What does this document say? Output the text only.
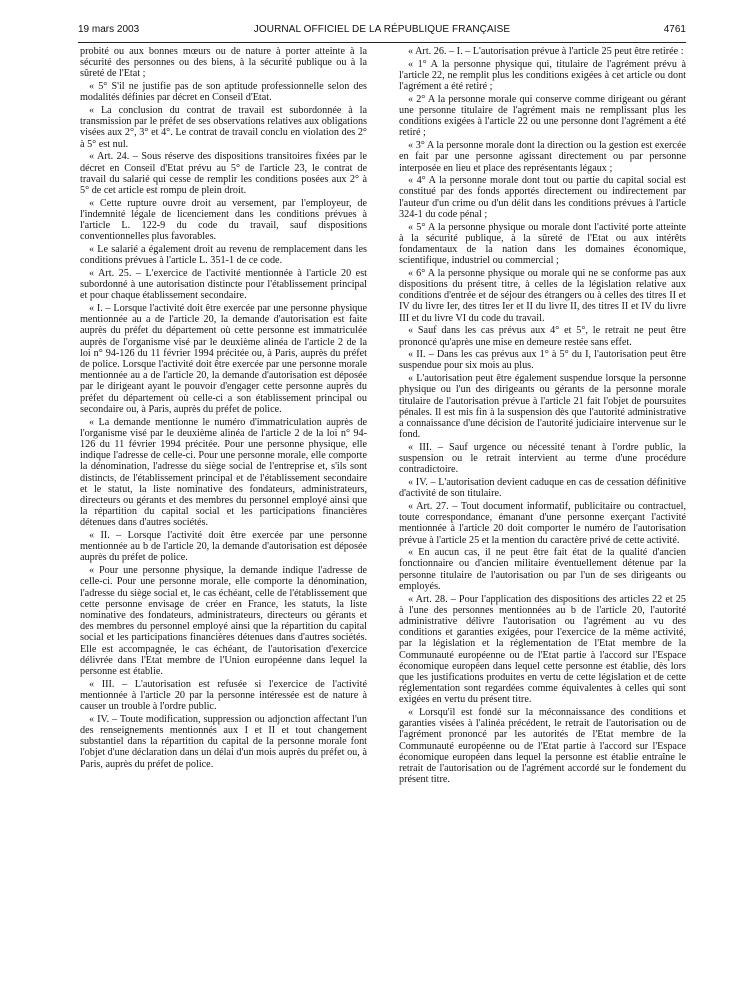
19 mars 2003	JOURNAL OFFICIEL DE LA RÉPUBLIQUE FRANÇAISE	4761

probité ou aux bonnes mœurs ou de nature à porter atteinte à la sécurité des personnes ou des biens, à la sécurité publique ou à la sûreté de l'Etat ;

« 5° S'il ne justifie pas de son aptitude professionnelle selon des modalités définies par décret en Conseil d'Etat.

« La conclusion du contrat de travail est subordonnée à la transmission par le préfet de ses observations relatives aux obligations visées aux 2°, 3° et 4°. Le contrat de travail conclu en violation des 2° à 5° est nul.

« Art. 24. – Sous réserve des dispositions transitoires fixées par le décret en Conseil d'Etat prévu au 5° de l'article 23, le contrat de travail du salarié qui cesse de remplir les conditions posées aux 2° à 5° de cet article est rompu de plein droit.

« Cette rupture ouvre droit au versement, par l'employeur, de l'indemnité légale de licenciement dans les conditions prévues à l'article L. 122-9 du code du travail, sauf dispositions conventionnelles plus favorables.

« Le salarié a également droit au revenu de remplacement dans les conditions prévues à l'article L. 351-1 de ce code.

« Art. 25. – L'exercice de l'activité mentionnée à l'article 20 est subordonné à une autorisation distincte pour l'établissement principal et pour chaque établissement secondaire.

« I. – Lorsque l'activité doit être exercée par une personne physique mentionnée au a de l'article 20, la demande d'autorisation est faite auprès du préfet du département où cette personne est immatriculée auprès de l'organisme visé par le deuxième alinéa de l'article 2 de la loi n° 94-126 du 11 février 1994 précitée ou, à Paris, auprès du préfet de police. Lorsque l'activité doit être exercée par une personne morale mentionnée au a de l'article 20, la demande d'autorisation est déposée par le dirigeant ayant le pouvoir d'engager cette personne auprès du préfet du département où celle-ci a son établissement principal ou secondaire ou, à Paris, auprès du préfet de police.

« La demande mentionne le numéro d'immatriculation auprès de l'organisme visé par le deuxième alinéa de l'article 2 de la loi n° 94-126 du 11 février 1994 précitée. Pour une personne physique, elle indique l'adresse de celle-ci. Pour une personne morale, elle comporte la dénomination, l'adresse du siège social de l'entreprise et, s'ils sont distincts, de l'établissement principal et de l'établissement secondaire et le statut, la liste nominative des fondateurs, administrateurs, directeurs ou gérants et des membres du personnel employé ainsi que la répartition du capital social et les participations financières détenues dans d'autres sociétés.

« II. – Lorsque l'activité doit être exercée par une personne mentionnée au b de l'article 20, la demande d'autorisation est déposée auprès du préfet de police.

« Pour une personne physique, la demande indique l'adresse de celle-ci. Pour une personne morale, elle comporte la dénomination, l'adresse du siège social et, le cas échéant, celle de l'établissement que cette personne envisage de créer en France, les statuts, la liste nominative des fondateurs, administrateurs, directeurs ou gérants et des membres du personnel employé ainsi que la répartition du capital social et les participations financières détenues dans d'autres sociétés. Elle est accompagnée, le cas échéant, de l'autorisation d'exercice délivrée dans l'Etat membre de l'Union européenne dans lequel la personne est établie.

« III. – L'autorisation est refusée si l'exercice de l'activité mentionnée à l'article 20 par la personne intéressée est de nature à causer un trouble à l'ordre public.

« IV. – Toute modification, suppression ou adjonction affectant l'un des renseignements mentionnés aux I et II et tout changement substantiel dans la répartition du capital de la personne morale font l'objet d'une déclaration dans un délai d'un mois auprès du préfet ou, à Paris, auprès du préfet de police.

« Art. 26. – I. – L'autorisation prévue à l'article 25 peut être retirée :

« 1° A la personne physique qui, titulaire de l'agrément prévu à l'article 22, ne remplit plus les conditions exigées à cet article ou dont l'agrément a été retiré ;

« 2° A la personne morale qui conserve comme dirigeant ou gérant une personne titulaire de l'agrément mais ne remplissant plus les conditions exigées à l'article 22 ou une personne dont l'agrément a été retiré ;

« 3° A la personne morale dont la direction ou la gestion est exercée en fait par une personne agissant directement ou par personne interposée en lieu et place des représentants légaux ;

« 4° A la personne morale dont tout ou partie du capital social est constitué par des fonds apportés directement ou indirectement par l'auteur d'un crime ou d'un délit dans les conditions prévues à l'article 324-1 du code pénal ;

« 5° A la personne physique ou morale dont l'activité porte atteinte à la sécurité publique, à la sûreté de l'Etat ou aux intérêts fondamentaux de la nation dans les domaines économique, scientifique, industriel ou commercial ;

« 6° A la personne physique ou morale qui ne se conforme pas aux dispositions du présent titre, à celles de la législation relative aux conditions d'entrée et de séjour des étrangers ou à celles des titres II et IV du livre Ier, des titres Ier et II du livre II, des titres II et IV du livre III et du livre VI du code du travail.

« Sauf dans les cas prévus aux 4° et 5°, le retrait ne peut être prononcé qu'après une mise en demeure restée sans effet.

« II. – Dans les cas prévus aux 1° à 5° du I, l'autorisation peut être suspendue pour six mois au plus.

« L'autorisation peut être également suspendue lorsque la personne physique ou l'un des dirigeants ou gérants de la personne morale titulaire de l'autorisation prévue à l'article 21 fait l'objet de poursuites pénales. Il est mis fin à la suspension dès que l'autorité administrative a connaissance d'une décision de l'autorité judiciaire intervenue sur le fond.

« III. – Sauf urgence ou nécessité tenant à l'ordre public, la suspension ou le retrait intervient au terme d'une procédure contradictoire.

« IV. – L'autorisation devient caduque en cas de cessation définitive d'activité de son titulaire.

« Art. 27. – Tout document informatif, publicitaire ou contractuel, toute correspondance, émanant d'une personne exerçant l'activité mentionnée à l'article 20 doit comporter le numéro de l'autorisation prévue à l'article 25 et la mention du caractère privé de cette activité.

« En aucun cas, il ne peut être fait état de la qualité d'ancien fonctionnaire ou d'ancien militaire éventuellement détenue par la personne titulaire de l'autorisation ou par l'un de ses dirigeants ou employés.

« Art. 28. – Pour l'application des dispositions des articles 22 et 25 à l'une des personnes mentionnées au b de l'article 20, l'autorité administrative délivre l'autorisation ou l'agrément au vu des conditions et garanties exigées, pour l'exercice de la même activité, par la législation et la réglementation de l'Etat membre de la Communauté européenne ou de l'Etat partie à l'accord sur l'Espace économique européen dans lequel cette personne est établie, dès lors que les justifications produites en vertu de cette législation et de cette réglementation sont regardées comme équivalentes à celles qui sont exigées en vertu du présent titre.

« Lorsqu'il est fondé sur la méconnaissance des conditions et garanties visées à l'alinéa précédent, le retrait de l'autorisation ou de l'agrément prononcé par les autorités de l'Etat membre de la Communauté européenne ou de l'Etat partie à l'accord sur l'Espace économique européen dans lequel la personne est établie entraîne le retrait de l'autorisation ou de l'agrément accordé sur le fondement du présent titre.
